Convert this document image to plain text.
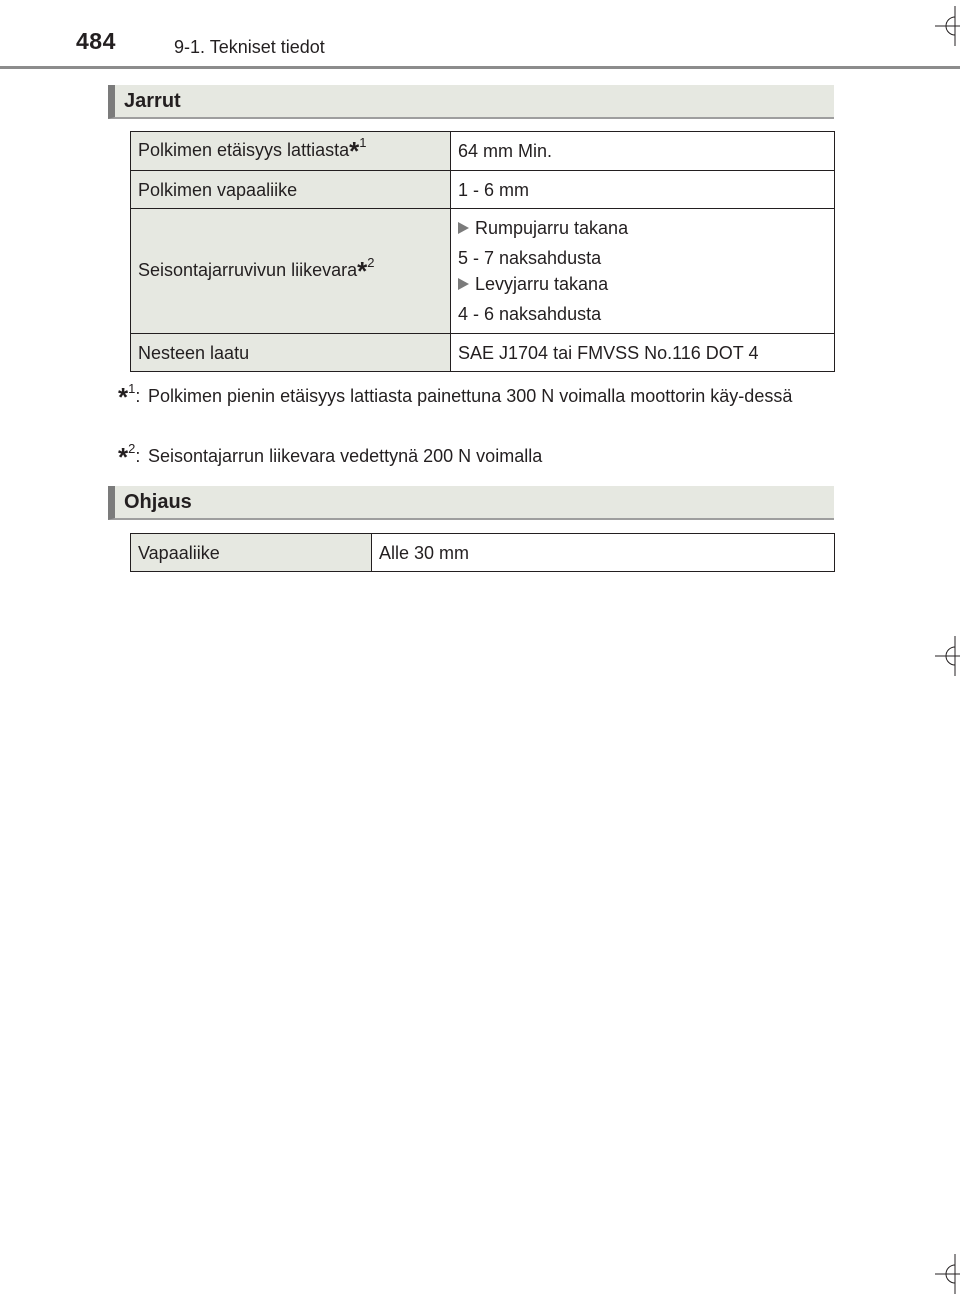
484	9-1. Tekniset tiedot
Jarrut
Polkimen etäisyys lattiasta*$^1$	64 mm Min.
Polkimen vapaaliike	1 - 6 mm
Seisontajarruvivun liikevara*$^2$	Rumpujarru takana
5 - 7 naksahdusta
Levyjarru takana
4 - 6 naksahdusta

Nesteen laatu	SAE J1704 tai FMVSS No.116 DOT 4
*$^1$: Polkimen pienin etäisyys lattiasta painettuna 300 N voimalla moottorin käy-dessä
*$^2$: Seisontajarrun liikevara vedettynä 200 N voimalla
Ohjaus
Vapaaliike	Alle 30 mm
